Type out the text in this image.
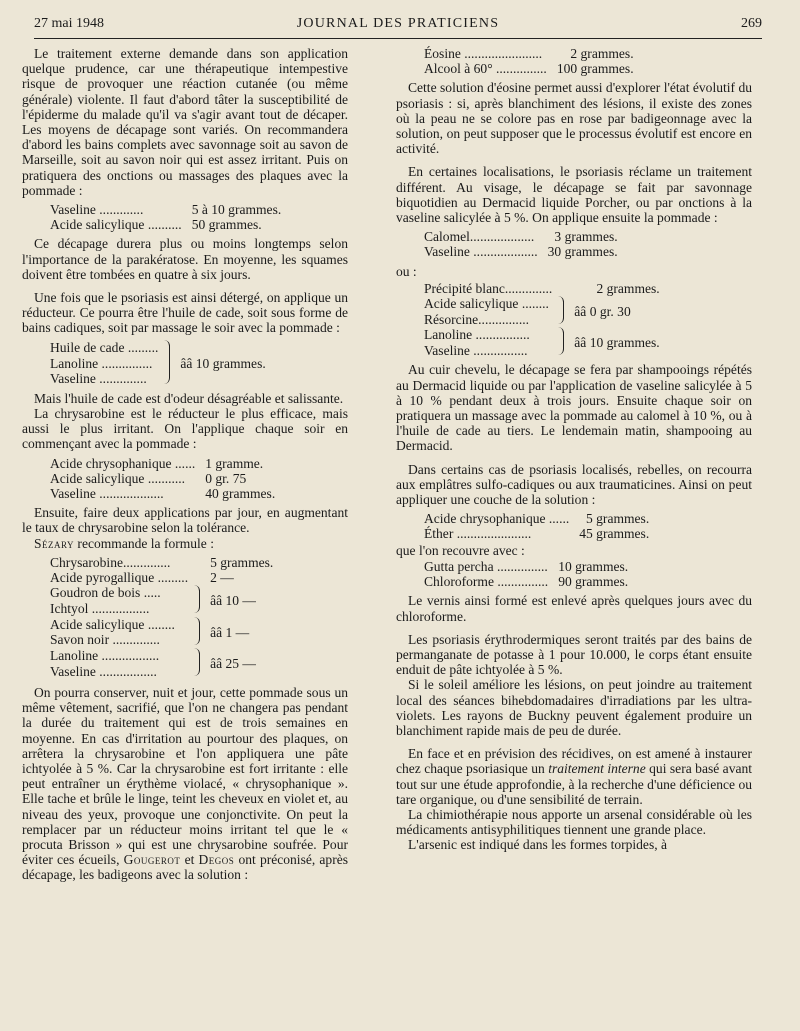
27 mai 1948	JOURNAL DES PRATICIENS	269

Le traitement externe demande dans son application quelque prudence, car une thérapeutique intempestive risque de provoquer une réaction cutanée (ou même générale) violente. Il faut d'abord tâter la susceptibilité de l'épiderme du malade qu'il va s'agir avant tout de décaper. Les moyens de décapage sont variés. On recommandera d'abord les bains complets avec savonnage soit au savon de Marseille, soit au savon noir qui est assez irritant. Puis on pratiquera des onctions ou massages des plaques avec la pommade :

Vaseline .............	5 à 10 grammes.
Acide salicylique ..........	50 grammes.

Ce décapage durera plus ou moins longtemps selon l'importance de la parakératose. En moyenne, les squames doivent être tombées en quatre à six jours.

Une fois que le psoriasis est ainsi détergé, on applique un réducteur. Ce pourra être l'huile de cade, soit sous forme de bains cadiques, soit par massage le soir avec la pommade :

Huile de cade .........		ââ 10 grammes.
Lanoline ...............
Vaseline ..............

Mais l'huile de cade est d'odeur désagréable et salissante.

La chrysarobine est le réducteur le plus efficace, mais aussi le plus irritant. On l'applique chaque soir en commençant avec la pommade :

Acide chrysophanique ......	1 gramme.
Acide salicylique ...........	0 gr. 75
Vaseline ...................	40 grammes.

Ensuite, faire deux applications par jour, en augmentant le taux de chrysarobine selon la tolérance.

Sézary recommande la formule :

Chrysarobine..............		5 grammes.
Acide pyrogallique .........		2 —
Goudron de bois .....		ââ 10 —
Ichtyol .................		
Acide salicylique ........		ââ 1 —
Savon noir ..............		
Lanoline .................		ââ 25 —
Vaseline .................		

On pourra conserver, nuit et jour, cette pommade sous un même vêtement, sacrifié, que l'on ne changera pas pendant la durée du traitement qui est de trois semaines en moyenne. En cas d'irritation au pourtour des plaques, on arrêtera la chrysarobine et l'on appliquera une pâte ichtyolée à 5 %. Car la chrysarobine est fort irritante : elle peut entraîner un érythème violacé, « chrysophanique ». Elle tache et brûle le linge, teint les cheveux en violet et, au niveau des yeux, provoque une conjonctivite. On peut la remplacer par un réducteur moins irritant tel que le « procuta Brisson » qui est une chrysarobine soufrée. Pour éviter ces écueils, Gougerot et Degos ont préconisé, après décapage, les badigeons avec la solution :

Éosine .......................	2 grammes.
Alcool à 60° ...............	100 grammes.

Cette solution d'éosine permet aussi d'explorer l'état évolutif du psoriasis : si, après blanchiment des lésions, il existe des zones où la peau ne se colore pas en rose par badigeonnage avec la solution, on peut supposer que le processus évolutif est encore en activité.

En certaines localisations, le psoriasis réclame un traitement différent. Au visage, le décapage se fait par savonnage biquotidien au Dermacid liquide Porcher, ou par onctions à la vaseline salicylée à 5 %. On applique ensuite la pommade :

Calomel...................	3 grammes.
Vaseline ...................	30 grammes.
ou :
Précipité blanc..............		2 grammes.
Acide salicylique ........		ââ 0 gr. 30
Résorcine...............		
Lanoline ................		ââ 10 grammes.
Vaseline ................		

Au cuir chevelu, le décapage se fera par shampooings répétés au Dermacid liquide ou par l'application de vaseline salicylée à 5 à 10 % pendant deux à trois jours. Ensuite chaque soir on pratiquera un massage avec la pommade au calomel à 10 %, ou à l'huile de cade au tiers. Le lendemain matin, shampooing au Dermacid.

Dans certains cas de psoriasis localisés, rebelles, on recourra aux emplâtres sulfo-cadiques ou aux traumaticines. Ainsi on peut appliquer une couche de la solution :

Acide chrysophanique ......	5 grammes.
Éther ......................	45 grammes.
que l'on recouvre avec :
Gutta percha ...............	10 grammes.
Chloroforme ...............	90 grammes.

Le vernis ainsi formé est enlevé après quelques jours avec du chloroforme.

Les psoriasis érythrodermiques seront traités par des bains de permanganate de potasse à 1 pour 10.000, le corps étant ensuite enduit de pâte ichtyolée à 5 %.

Si le soleil améliore les lésions, on peut joindre au traitement local des séances bihebdomadaires d'irradiations par les ultra-violets. Les rayons de Buckny peuvent également produire un blanchiment rapide mais de peu de durée.

En face et en prévision des récidives, on est amené à instaurer chez chaque psoriasique un traitement interne qui sera basé avant tout sur une étude approfondie, à la recherche d'une déficience ou tare organique, ou d'une sensibilité de terrain.

La chimiothérapie nous apporte un arsenal considérable où les médicaments antisyphilitiques tiennent une grande place.

L'arsenic est indiqué dans les formes torpides, à
